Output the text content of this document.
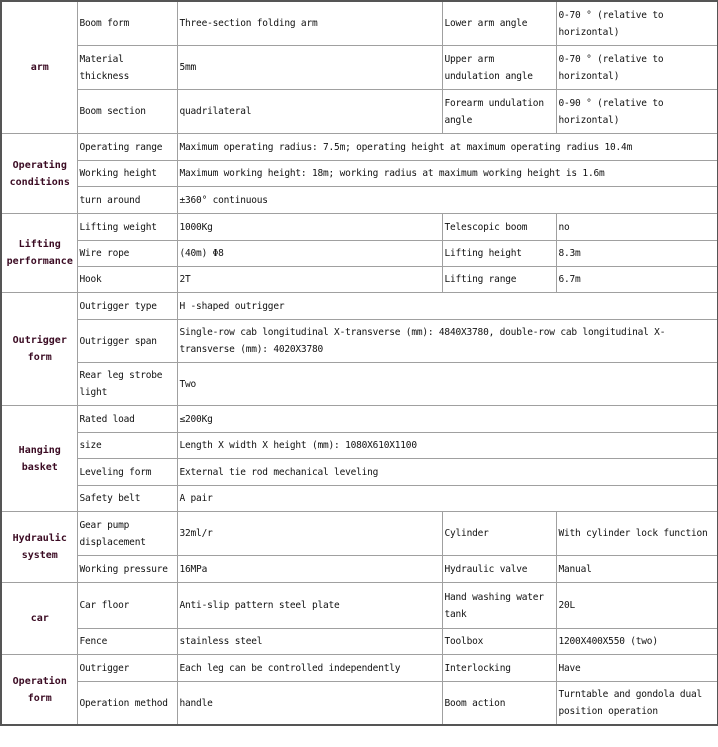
arm	Boom form	Three-section folding arm	Lower arm angle	0-70 ° (relative to horizontal)
	Material thickness	5mm	Upper arm undulation angle	0-70 ° (relative to horizontal)
	Boom section	quadrilateral	Forearm undulation angle	0-90 ° (relative to horizontal)
Operating conditions	Operating range	Maximum operating radius: 7.5m; operating height at maximum operating radius 10.4m		
	Working height	Maximum working height: 18m; working radius at maximum working height is 1.6m		
	turn around	±360° continuous		
Lifting performance	Lifting weight	1000Kg	Telescopic boom	no
	Wire rope	(40m) Φ8	Lifting height	8.3m
	Hook	2T	Lifting range	6.7m
Outrigger form	Outrigger type	H -shaped outrigger		
	Outrigger span	Single-row cab longitudinal X-transverse (mm): 4840X3780, double-row cab longitudinal X-transverse (mm): 4020X3780		
	Rear leg strobe light	Two		
Hanging basket	Rated load	≤200Kg		
	size	Length X width X height (mm): 1080X610X1100		
	Leveling form	External tie rod mechanical leveling		
	Safety belt	A pair		
Hydraulic system	Gear pump displacement	32ml/r	Cylinder	With cylinder lock function
	Working pressure	16MPa	Hydraulic valve	Manual
car	Car floor	Anti-slip pattern steel plate	Hand washing water tank	20L
	Fence	stainless steel	Toolbox	1200X400X550 (two)
Operation form	Outrigger	Each leg can be controlled independently	Interlocking	Have
	Operation method	handle	Boom action	Turntable and gondola dual position operation
